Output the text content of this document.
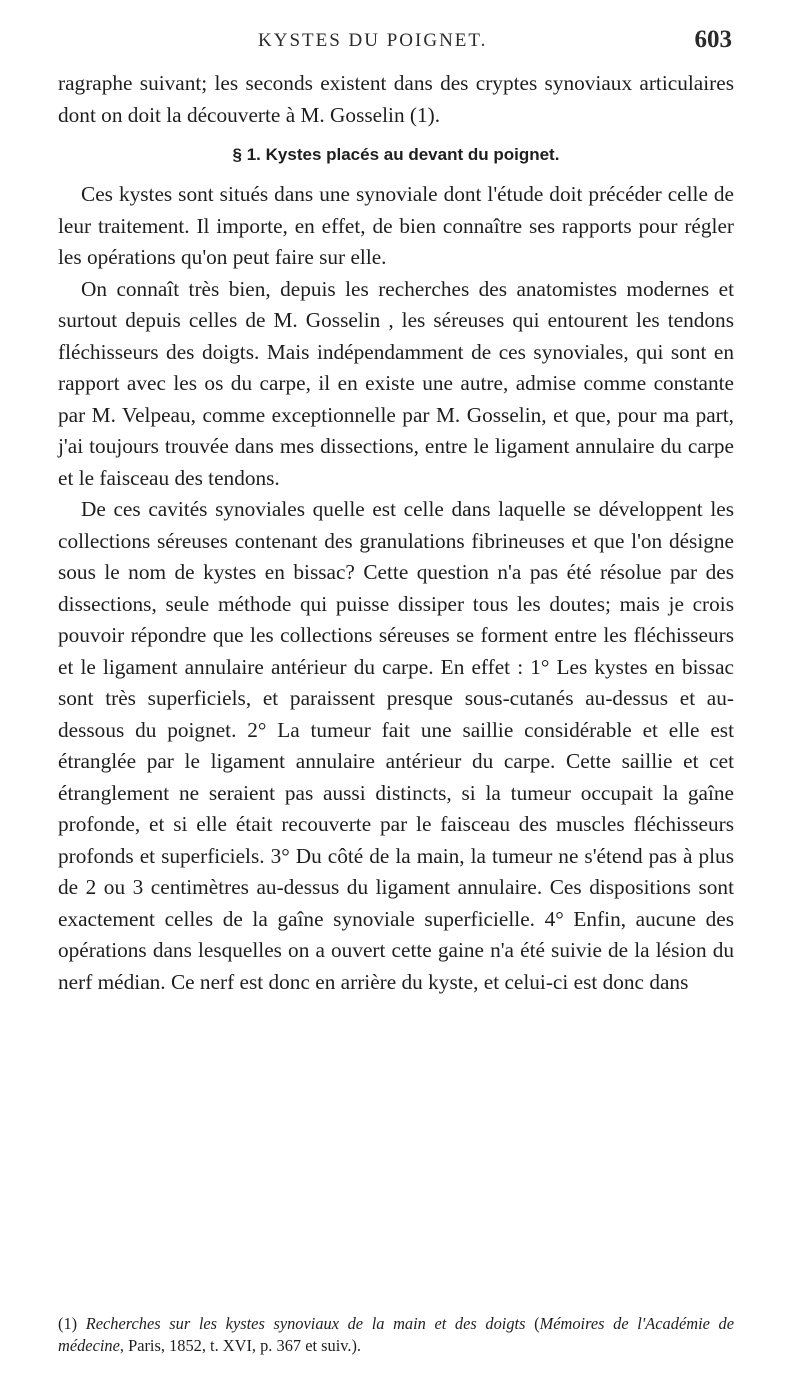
KYSTES DU POIGNET.	603

ragraphe suivant; les seconds existent dans des cryptes synoviaux articulaires dont on doit la découverte à M. Gosselin (1).

§ 1. Kystes placés au devant du poignet.

Ces kystes sont situés dans une synoviale dont l'étude doit précéder celle de leur traitement. Il importe, en effet, de bien connaître ses rapports pour régler les opérations qu'on peut faire sur elle.

On connaît très bien, depuis les recherches des anatomistes modernes et surtout depuis celles de M. Gosselin , les séreuses qui entourent les tendons fléchisseurs des doigts. Mais indépendamment de ces synoviales, qui sont en rapport avec les os du carpe, il en existe une autre, admise comme constante par M. Velpeau, comme exceptionnelle par M. Gosselin, et que, pour ma part, j'ai toujours trouvée dans mes dissections, entre le ligament annulaire du carpe et le faisceau des tendons.

De ces cavités synoviales quelle est celle dans laquelle se développent les collections séreuses contenant des granulations fibrineuses et que l'on désigne sous le nom de kystes en bissac? Cette question n'a pas été résolue par des dissections, seule méthode qui puisse dissiper tous les doutes; mais je crois pouvoir répondre que les collections séreuses se forment entre les fléchisseurs et le ligament annulaire antérieur du carpe. En effet : 1° Les kystes en bissac sont très superficiels, et paraissent presque sous-cutanés au-dessus et au-dessous du poignet. 2° La tumeur fait une saillie considérable et elle est étranglée par le ligament annulaire antérieur du carpe. Cette saillie et cet étranglement ne seraient pas aussi distincts, si la tumeur occupait la gaîne profonde, et si elle était recouverte par le faisceau des muscles fléchisseurs profonds et superficiels. 3° Du côté de la main, la tumeur ne s'étend pas à plus de 2 ou 3 centimètres au-dessus du ligament annulaire. Ces dispositions sont exactement celles de la gaîne synoviale superficielle. 4° Enfin, aucune des opérations dans lesquelles on a ouvert cette gaine n'a été suivie de la lésion du nerf médian. Ce nerf est donc en arrière du kyste, et celui-ci est donc dans

(1) Recherches sur les kystes synoviaux de la main et des doigts (Mémoires de l'Académie de médecine, Paris, 1852, t. XVI, p. 367 et suiv.).
